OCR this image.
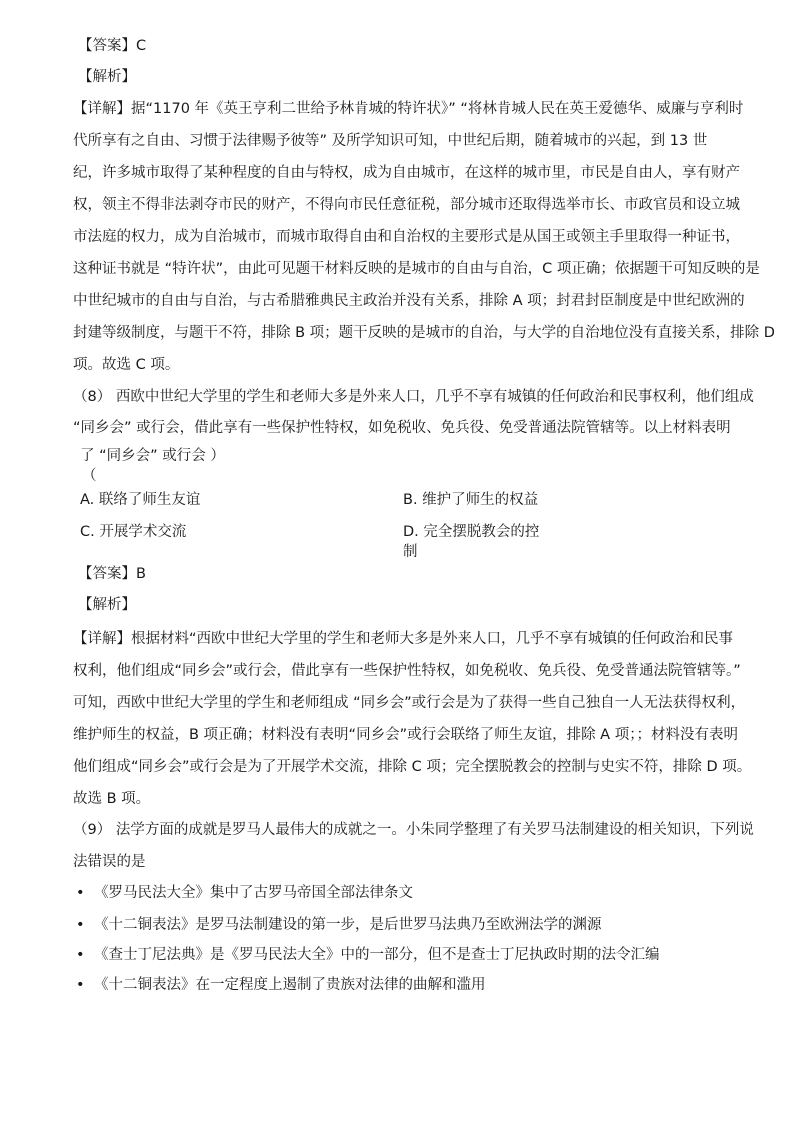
【答案】C
【解析】
【详解】据“1170 年《英王亨利二世给予林肯城的特许状》” “将林肯城人民在英王爱德华、威廉与亨利时
代所享有之自由、习惯于法律赐予彼等” 及所学知识可知，中世纪后期，随着城市的兴起，到 13 世
纪，许多城市取得了某种程度的自由与特权，成为自由城市，在这样的城市里，市民是自由人，享有财产
权，领主不得非法剥夺市民的财产，不得向市民任意征税，部分城市还取得选举市长、市政官员和设立城
市法庭的权力，成为自治城市，而城市取得自由和自治权的主要形式是从国王或领主手里取得一种证书，
这种证书就是 “特许状”，由此可见题干材料反映的是城市的自由与自治，C 项正确；依据题干可知反映的是
中世纪城市的自由与自治，与古希腊雅典民主政治并没有关系，排除 A 项；封君封臣制度是中世纪欧洲的
封建等级制度，与题干不符，排除 B 项；题干反映的是城市的自治，与大学的自治地位没有直接关系，排除 D
项。故选 C 项。
（8） 西欧中世纪大学里的学生和老师大多是外来人口，几乎不享有城镇的任何政治和民事权利，他们组成
“同乡会” 或行会，借此享有一些保护性特权，如免税收、免兵役、免受普通法院管辖等。以上材料表明
了 “同乡会” 或行会 ）
（
A. 联络了师生友谊	B. 维护了师生的权益
C. 开展学术交流	D. 完全摆脱教会的控
制
【答案】B
【解析】
【详解】根据材料“西欧中世纪大学里的学生和老师大多是外来人口，几乎不享有城镇的任何政治和民事
权利，他们组成“同乡会”或行会，借此享有一些保护性特权，如免税收、免兵役、免受普通法院管辖等。”
可知，西欧中世纪大学里的学生和老师组成 “同乡会”或行会是为了获得一些自己独自一人无法获得权利，
维护师生的权益，B 项正确；材料没有表明“同乡会”或行会联络了师生友谊，排除 A 项；；材料没有表明
他们组成“同乡会”或行会是为了开展学术交流，排除 C 项；完全摆脱教会的控制与史实不符，排除 D 项。
故选 B 项。
（9） 法学方面的成就是罗马人最伟大的成就之一。小朱同学整理了有关罗马法制建设的相关知识，下列说
法错误的是
• 《罗马民法大全》集中了古罗马帝国全部法律条文
• 《十二铜表法》是罗马法制建设的第一步，是后世罗马法典乃至欧洲法学的渊源
• 《查士丁尼法典》是《罗马民法大全》中的一部分，但不是查士丁尼执政时期的法令汇编
• 《十二铜表法》在一定程度上遏制了贵族对法律的曲解和滥用
